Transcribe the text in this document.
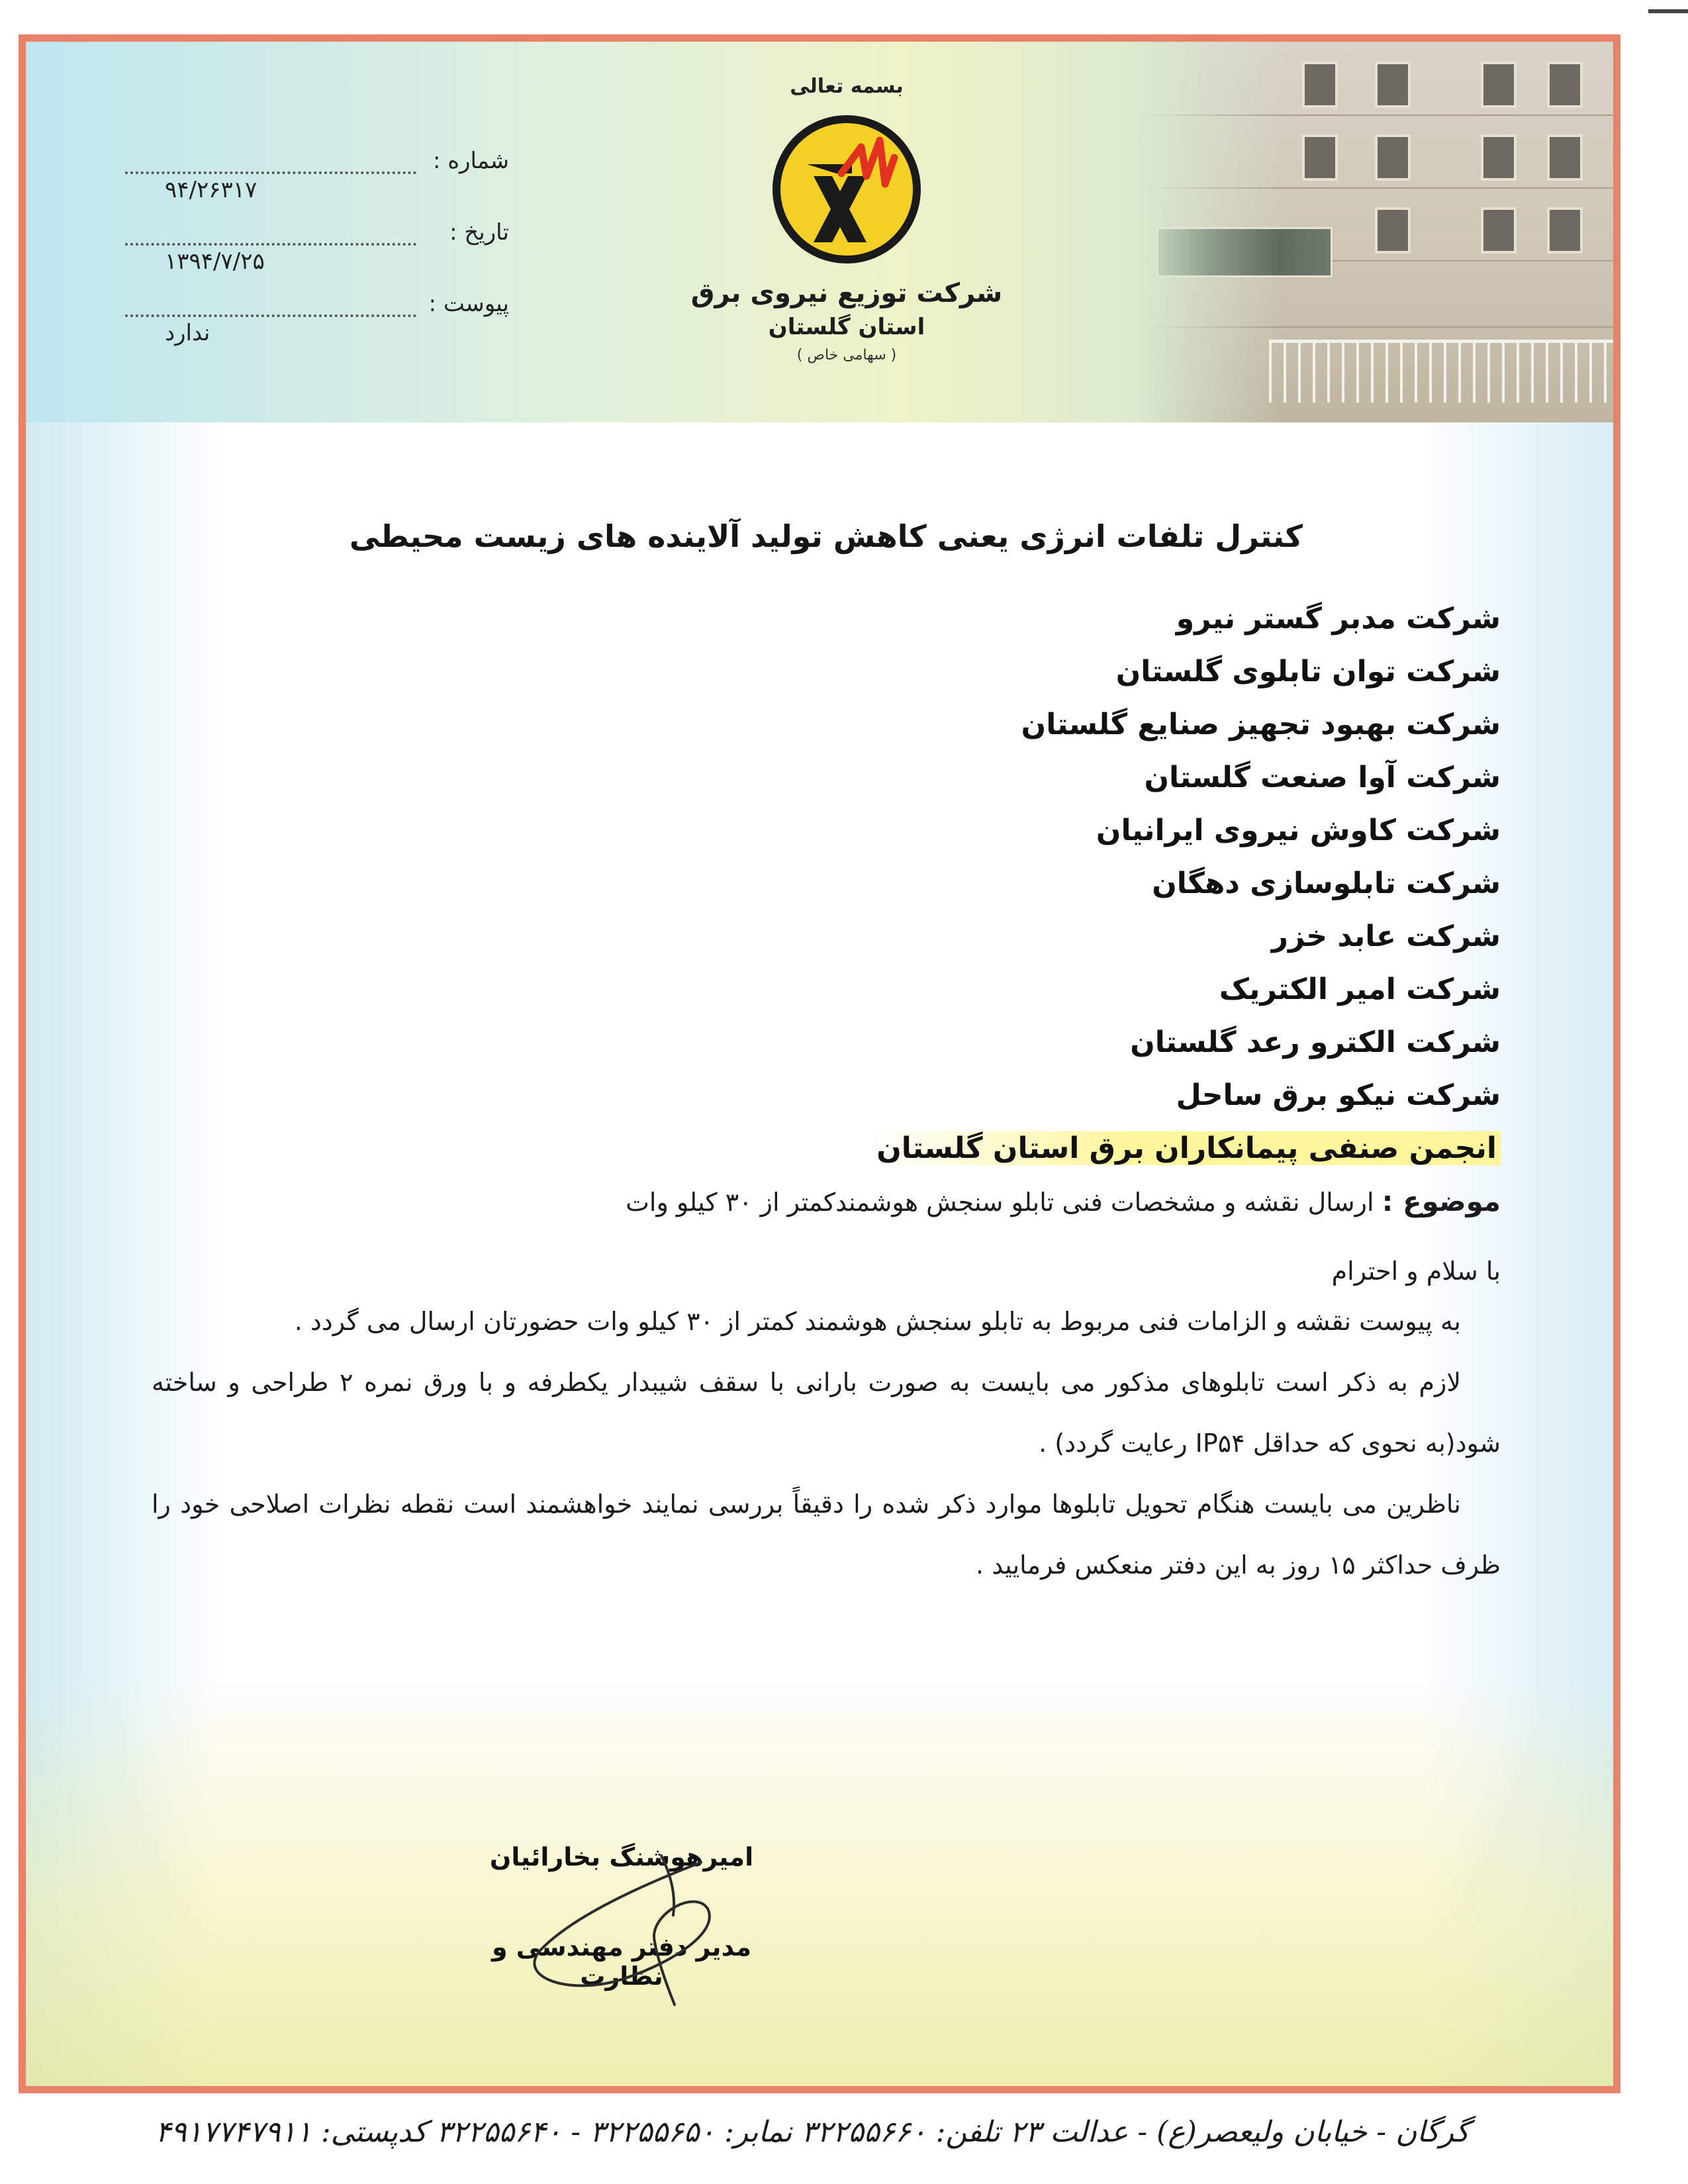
شماره :
۹۴/۲۶۳۱۷
تاریخ :
۱۳۹۴/۷/۲۵
پیوست :
ندارد
بسمه تعالی
شرکت توزیع نیروی برق
استان گلستان
( سهامی خاص )
کنترل تلفات انرژی یعنی کاهش تولید آلاینده های زیست محیطی
شرکت مدبر گستر نیرو
شرکت توان تابلوی گلستان
شرکت بهبود تجهیز صنایع گلستان
شرکت آوا صنعت گلستان
شرکت کاوش نیروی ایرانیان
شرکت تابلوسازی دهگان
شرکت عابد خزر
شرکت امیر الکتریک
شرکت الکترو رعد گلستان
شرکت نیکو برق ساحل
انجمن صنفی پیمانکاران برق استان گلستان
موضوع : ارسال نقشه و مشخصات فنی تابلو سنجش هوشمندکمتر از ۳۰ کیلو وات
با سلام و احترام

به پیوست نقشه و الزامات فنی مربوط به تابلو سنجش هوشمند کمتر از ۳۰ کیلو وات حضورتان ارسال می گردد .

لازم به ذکر است تابلوهای مذکور می بایست به صورت بارانی با سقف شیبدار یکطرفه و با ورق نمره ۲ طراحی و ساخته شود(به نحوی که حداقل IP۵۴ رعایت گردد) .

ناظرین می بایست هنگام تحویل تابلوها موارد ذکر شده را دقیقاً بررسی نمایند خواهشمند است نقطه نظرات اصلاحی خود را ظرف حداکثر ۱۵ روز به این دفتر منعکس فرمایید .

امیرهوشنگ بخارائیان
مدیر دفتر مهندسی و نظارت
گرگان - خیابان ولیعصر(ع) - عدالت ۲۳ تلفن: ۳۲۲۵۵۶۶۰ نمابر: ۳۲۲۵۵۶۵۰ - ۳۲۲۵۵۶۴۰ کدپستی: ۴۹۱۷۷۴۷۹۱۱
